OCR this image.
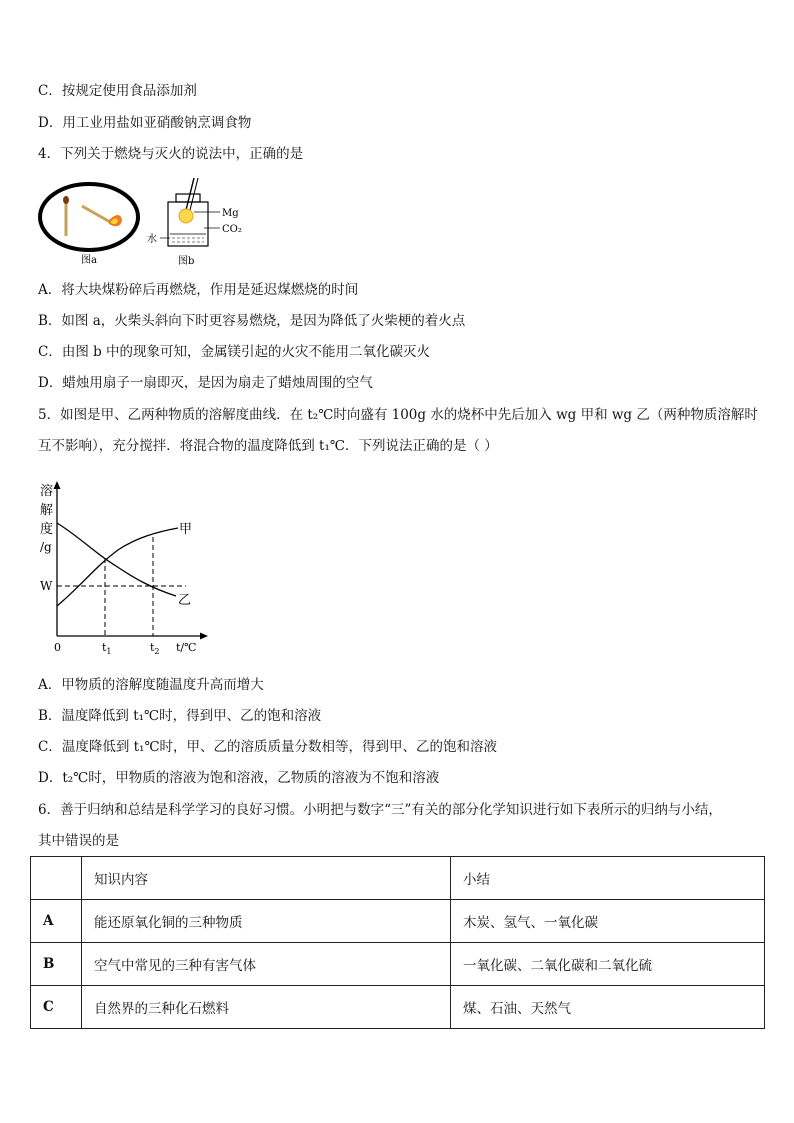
C．按规定使用食品添加剂
D．用工业用盐如亚硝酸钠烹调食物
4．下列关于燃烧与灭火的说法中，正确的是
图a
Mg
CO₂
水
图b
A．将大块煤粉碎后再燃烧，作用是延迟煤燃烧的时间
B．如图 a，火柴头斜向下时更容易燃烧，是因为降低了火柴梗的着火点
C．由图 b 中的现象可知，金属镁引起的火灾不能用二氧化碳灭火
D．蜡烛用扇子一扇即灭，是因为扇走了蜡烛周围的空气
5．如图是甲、乙两种物质的溶解度曲线．在 t₂℃时向盛有 100g 水的烧杯中先后加入 wg 甲和 wg 乙（两种物质溶解时
互不影响），充分搅拌．将混合物的温度降低到 t₁℃．下列说法正确的是（ ）
溶
解
度
/g
甲
乙
W
0	$t_1$	$t_2$ t/℃
A．甲物质的溶解度随温度升高而增大
B．温度降低到 t₁℃时，得到甲、乙的饱和溶液
C．温度降低到 t₁℃时，甲、乙的溶质质量分数相等，得到甲、乙的饱和溶液
D．t₂℃时，甲物质的溶液为饱和溶液，乙物质的溶液为不饱和溶液
6．善于归纳和总结是科学学习的良好习惯。小明把与数字“三”有关的部分化学知识进行如下表所示的归纳与小结，
其中错误的是
	知识内容	小结
A	能还原氧化铜的三种物质	木炭、氢气、一氧化碳
B	空气中常见的三种有害气体	一氧化碳、二氧化碳和二氧化硫
C	自然界的三种化石燃料	煤、石油、天然气
